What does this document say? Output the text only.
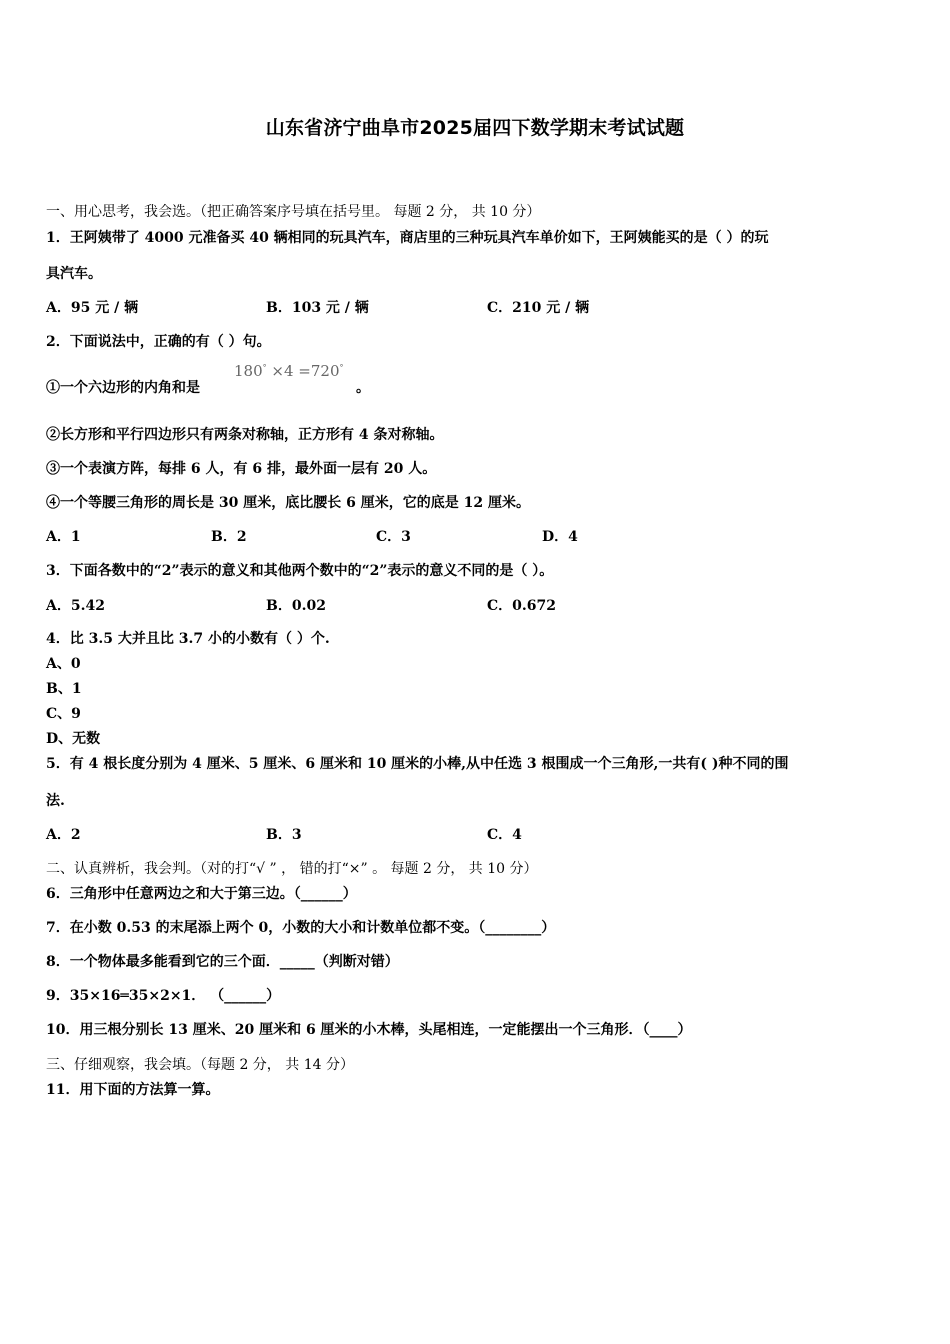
山东省济宁曲阜市2025届四下数学期末考试试题
一、用心思考，我会选。（把正确答案序号填在括号里。 每题 2 分， 共 10 分）
1．王阿姨带了 4000 元准备买 40 辆相同的玩具汽车，商店里的三种玩具汽车单价如下，王阿姨能买的是（ ）的玩
具汽车。
A．95 元 / 辆	B．103 元 / 辆	C．210 元 / 辆
2．下面说法中，正确的有（ ）句。
①一个六边形的内角和是
180° ×4 =720°
。
②长方形和平行四边形只有两条对称轴，正方形有 4 条对称轴。
③一个表演方阵，每排 6 人，有 6 排，最外面一层有 20 人。
④一个等腰三角形的周长是 30 厘米，底比腰长 6 厘米，它的底是 12 厘米。
A．1	B．2	C．3	D．4
3．下面各数中的“2”表示的意义和其他两个数中的“2”表示的意义不同的是（ ）。
A．5.42	B．0.02	C．0.672
4．比 3.5 大并且比 3.7 小的小数有（ ）个.
A、0
B、1
C、9
D、无数
5．有 4 根长度分别为 4 厘米、5 厘米、6 厘米和 10 厘米的小棒,从中任选 3 根围成一个三角形,一共有( )种不同的围
法.
A．2	B．3	C．4
二、认真辨析，我会判。（对的打“√ ” ， 错的打“×” 。 每题 2 分， 共 10 分）
6．三角形中任意两边之和大于第三边。（______）
7．在小数 0.53 的末尾添上两个 0，小数的大小和计数单位都不变。（________）
8．一个物体最多能看到它的三个面．_____（判断对错）
9．35×16═35×2×1． （______）
10．用三根分别长 13 厘米、20 厘米和 6 厘米的小木棒，头尾相连，一定能摆出一个三角形．（____）
三、仔细观察，我会填。（每题 2 分， 共 14 分）
11．用下面的方法算一算。
